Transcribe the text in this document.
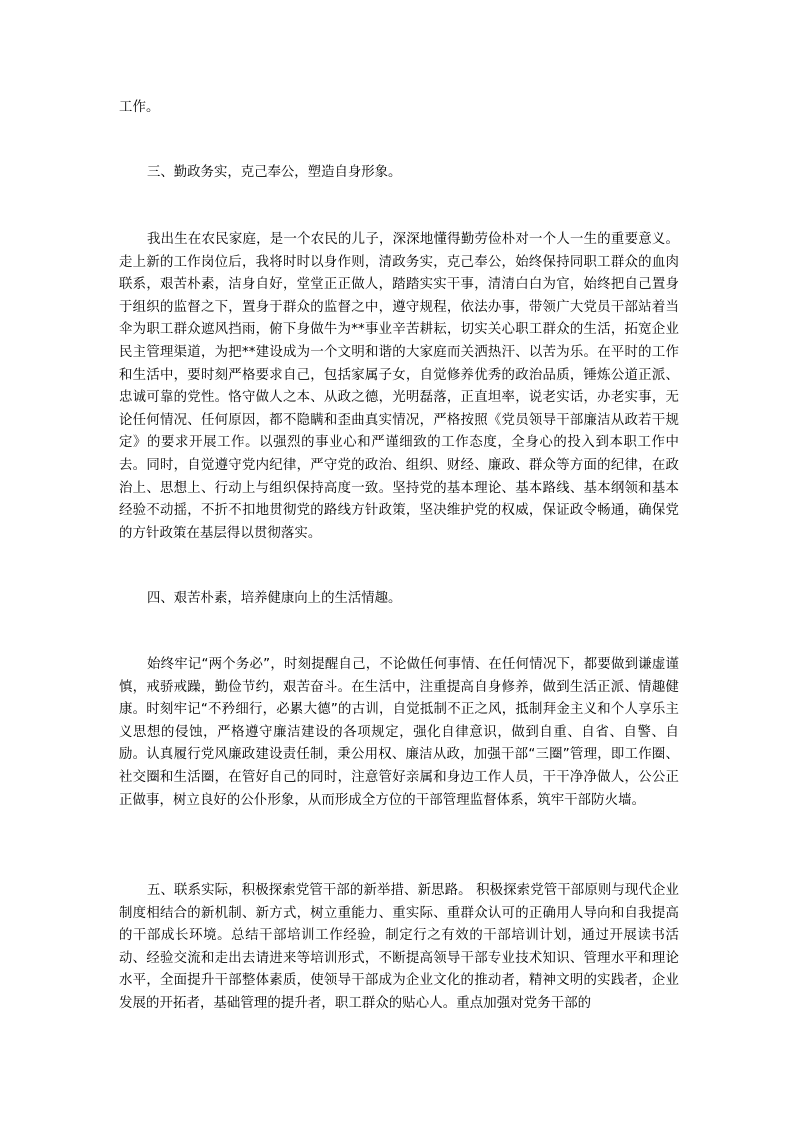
工作。

三、勤政务实，克己奉公，塑造自身形象。

我出生在农民家庭，是一个农民的儿子，深深地懂得勤劳俭朴对一个人一生的重要意义。走上新的工作岗位后，我将时时以身作则，清政务实，克己奉公，始终保持同职工群众的血肉联系，艰苦朴素，洁身自好，堂堂正正做人，踏踏实实干事，清清白白为官，始终把自己置身于组织的监督之下，置身于群众的监督之中，遵守规程，依法办事，带领广大党员干部站着当伞为职工群众遮风挡雨，俯下身做牛为**事业辛苦耕耘，切实关心职工群众的生活，拓宽企业民主管理渠道，为把**建设成为一个文明和谐的大家庭而关洒热汗、以苦为乐。在平时的工作和生活中，要时刻严格要求自己，包括家属子女，自觉修养优秀的政治品质，锤炼公道正派、忠诚可靠的党性。恪守做人之本、从政之德，光明磊落，正直坦率，说老实话，办老实事，无论任何情况、任何原因，都不隐瞒和歪曲真实情况，严格按照《党员领导干部廉洁从政若干规定》的要求开展工作。以强烈的事业心和严谨细致的工作态度，全身心的投入到本职工作中去。同时，自觉遵守党内纪律，严守党的政治、组织、财经、廉政、群众等方面的纪律，在政治上、思想上、行动上与组织保持高度一致。坚持党的基本理论、基本路线、基本纲领和基本经验不动摇，不折不扣地贯彻党的路线方针政策，坚决维护党的权威，保证政令畅通，确保党的方针政策在基层得以贯彻落实。

四、艰苦朴素，培养健康向上的生活情趣。

始终牢记“两个务必”，时刻提醒自己，不论做任何事情、在任何情况下，都要做到谦虚谨慎，戒骄戒躁，勤俭节约，艰苦奋斗。在生活中，注重提高自身修养，做到生活正派、情趣健康。时刻牢记“不矜细行，必累大德”的古训，自觉抵制不正之风，抵制拜金主义和个人享乐主义思想的侵蚀，严格遵守廉洁建设的各项规定，强化自律意识，做到自重、自省、自警、自励。认真履行党风廉政建设责任制，秉公用权、廉洁从政，加强干部“三圈”管理，即工作圈、社交圈和生活圈，在管好自己的同时，注意管好亲属和身边工作人员，干干净净做人，公公正正做事，树立良好的公仆形象，从而形成全方位的干部管理监督体系，筑牢干部防火墙。

五、联系实际，积极探索党管干部的新举措、新思路。 积极探索党管干部原则与现代企业制度相结合的新机制、新方式，树立重能力、重实际、重群众认可的正确用人导向和自我提高的干部成长环境。总结干部培训工作经验，制定行之有效的干部培训计划，通过开展读书活动、经验交流和走出去请进来等培训形式，不断提高领导干部专业技术知识、管理水平和理论水平，全面提升干部整体素质，使领导干部成为企业文化的推动者，精神文明的实践者，企业发展的开拓者，基础管理的提升者，职工群众的贴心人。重点加强对党务干部的
